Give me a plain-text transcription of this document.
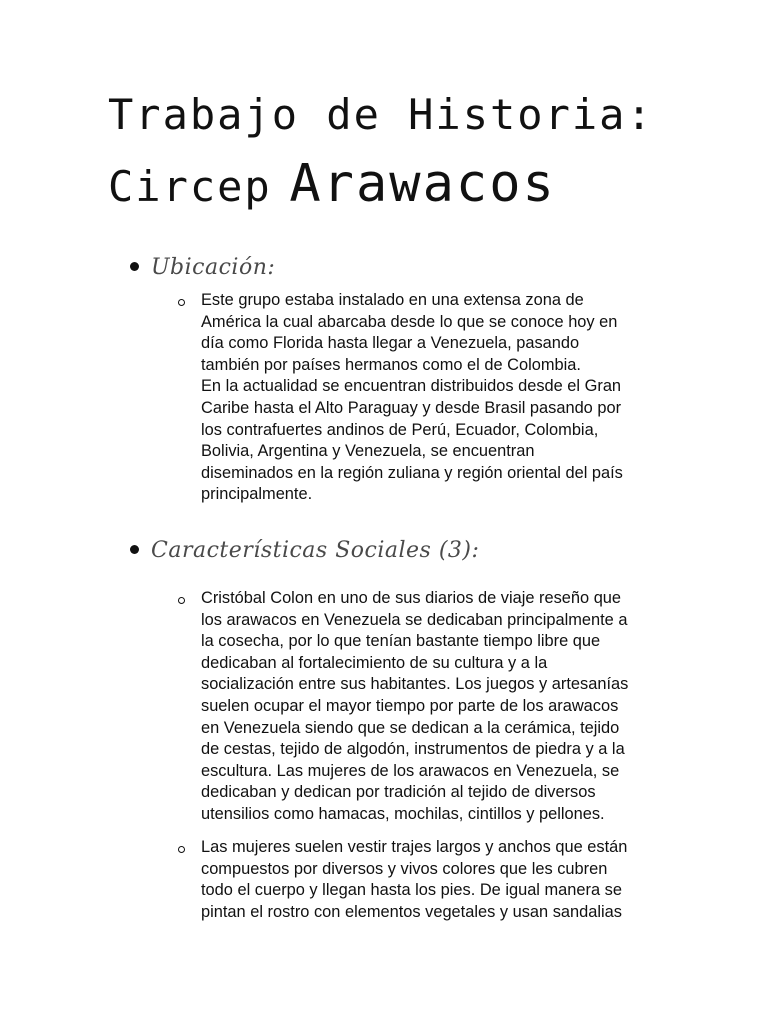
Trabajo de Historia:
Circep Arawacos
Ubicación:
Este grupo estaba instalado en una extensa zona de
América la cual abarcaba desde lo que se conoce hoy en
día como Florida hasta llegar a Venezuela, pasando
también por países hermanos como el de Colombia.
En la actualidad se encuentran distribuidos desde el Gran
Caribe hasta el Alto Paraguay y desde Brasil pasando por
los contrafuertes andinos de Perú, Ecuador, Colombia,
Bolivia, Argentina y Venezuela, se encuentran
diseminados en la región zuliana y región oriental del país
principalmente.
Características Sociales (3):
Cristóbal Colon en uno de sus diarios de viaje reseño que
los arawacos en Venezuela se dedicaban principalmente a
la cosecha, por lo que tenían bastante tiempo libre que
dedicaban al fortalecimiento de su cultura y a la
socialización entre sus habitantes. Los juegos y artesanías
suelen ocupar el mayor tiempo por parte de los arawacos
en Venezuela siendo que se dedican a la cerámica, tejido
de cestas, tejido de algodón, instrumentos de piedra y a la
escultura. Las mujeres de los arawacos en Venezuela, se
dedicaban y dedican por tradición al tejido de diversos
utensilios como hamacas, mochilas, cintillos y pellones.
Las mujeres suelen vestir trajes largos y anchos que están
compuestos por diversos y vivos colores que les cubren
todo el cuerpo y llegan hasta los pies. De igual manera se
pintan el rostro con elementos vegetales y usan sandalias
